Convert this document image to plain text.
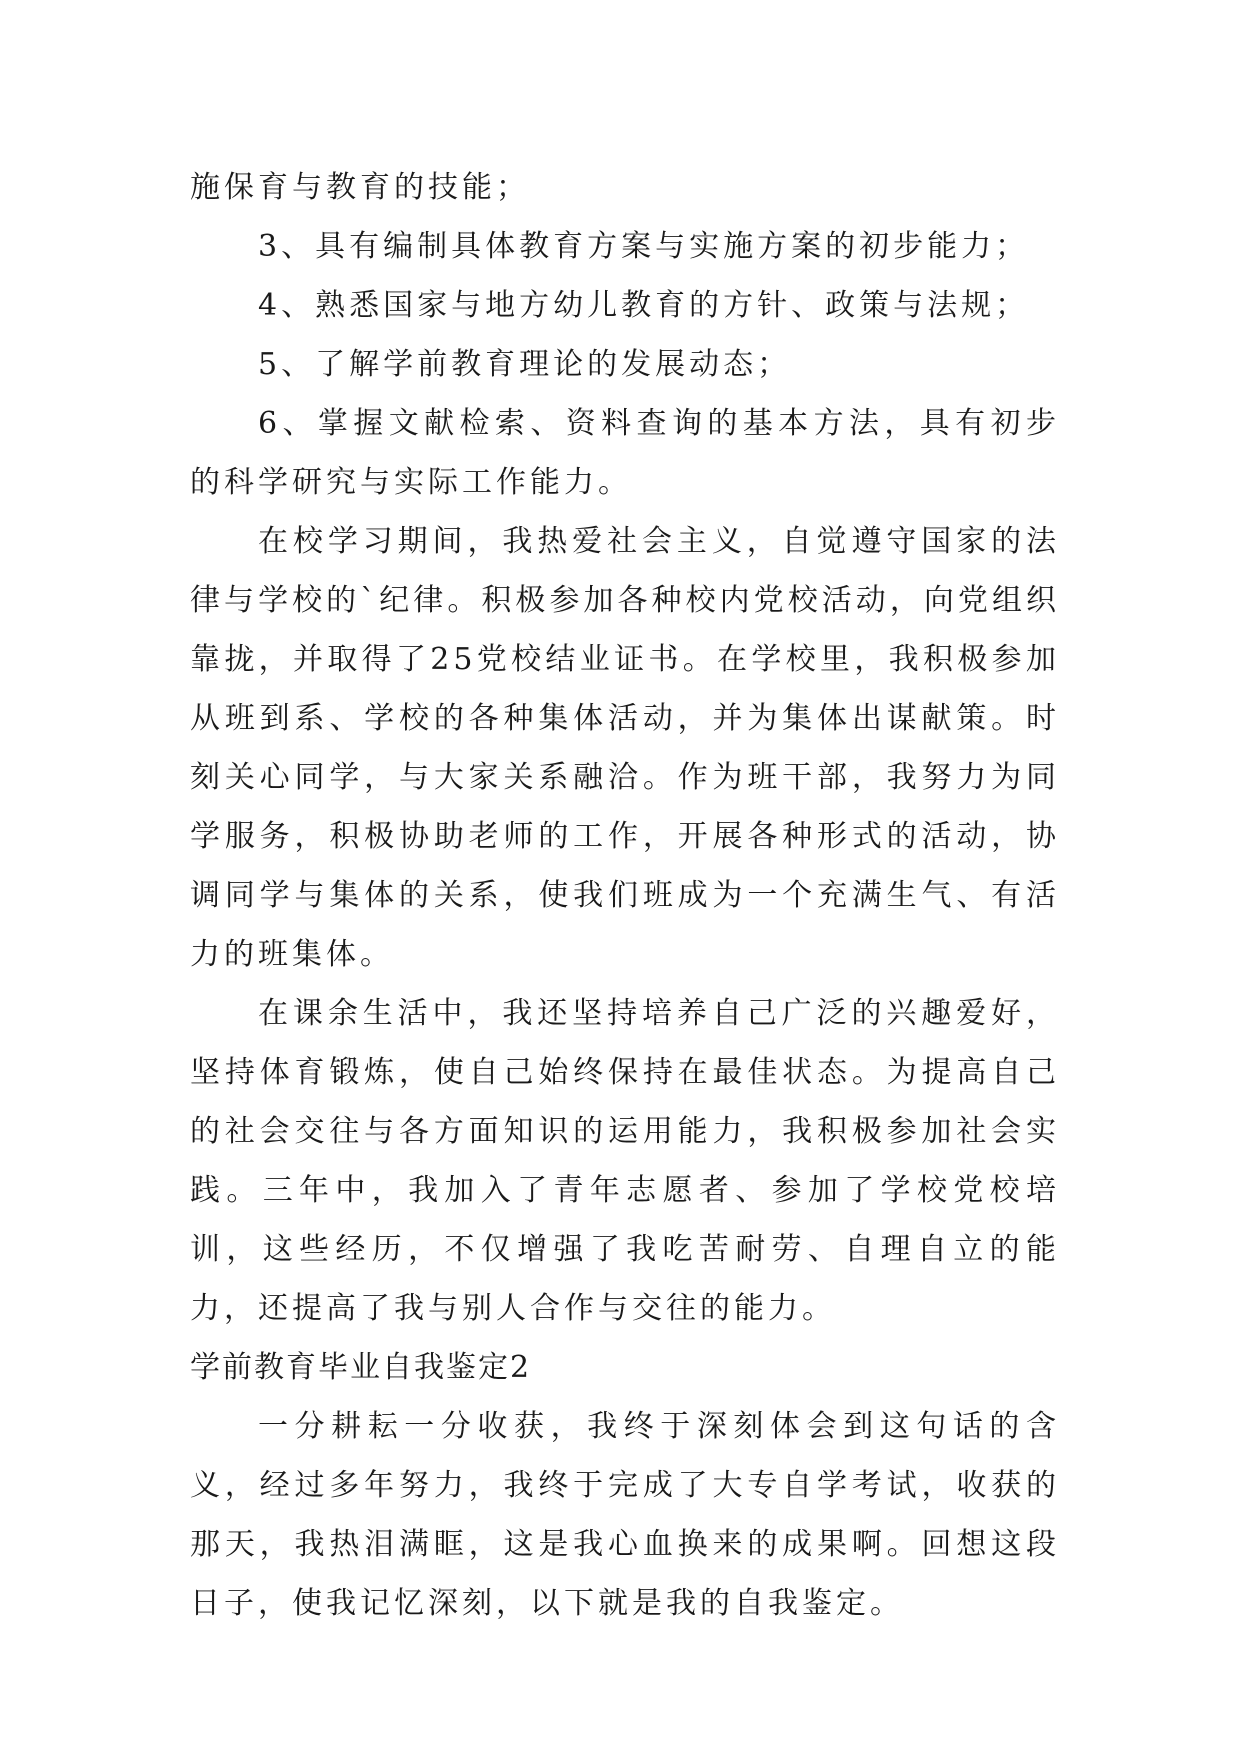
施保育与教育的技能；

3、具有编制具体教育方案与实施方案的初步能力；

4、熟悉国家与地方幼儿教育的方针、政策与法规；

5、了解学前教育理论的发展动态；

6、掌握文献检索、资料查询的基本方法，具有初步的科学研究与实际工作能力。

在校学习期间，我热爱社会主义，自觉遵守国家的法律与学校的`纪律。积极参加各种校内党校活动，向党组织靠拢，并取得了25党校结业证书。在学校里，我积极参加从班到系、学校的各种集体活动，并为集体出谋献策。时刻关心同学，与大家关系融洽。作为班干部，我努力为同学服务，积极协助老师的工作，开展各种形式的活动，协调同学与集体的关系，使我们班成为一个充满生气、有活力的班集体。

在课余生活中，我还坚持培养自己广泛的兴趣爱好，坚持体育锻炼，使自己始终保持在最佳状态。为提高自己的社会交往与各方面知识的运用能力，我积极参加社会实践。三年中，我加入了青年志愿者、参加了学校党校培训，这些经历，不仅增强了我吃苦耐劳、自理自立的能力，还提高了我与别人合作与交往的能力。

学前教育毕业自我鉴定2

一分耕耘一分收获，我终于深刻体会到这句话的含义，经过多年努力，我终于完成了大专自学考试，收获的那天，我热泪满眶，这是我心血换来的成果啊。回想这段日子，使我记忆深刻，以下就是我的自我鉴定。
